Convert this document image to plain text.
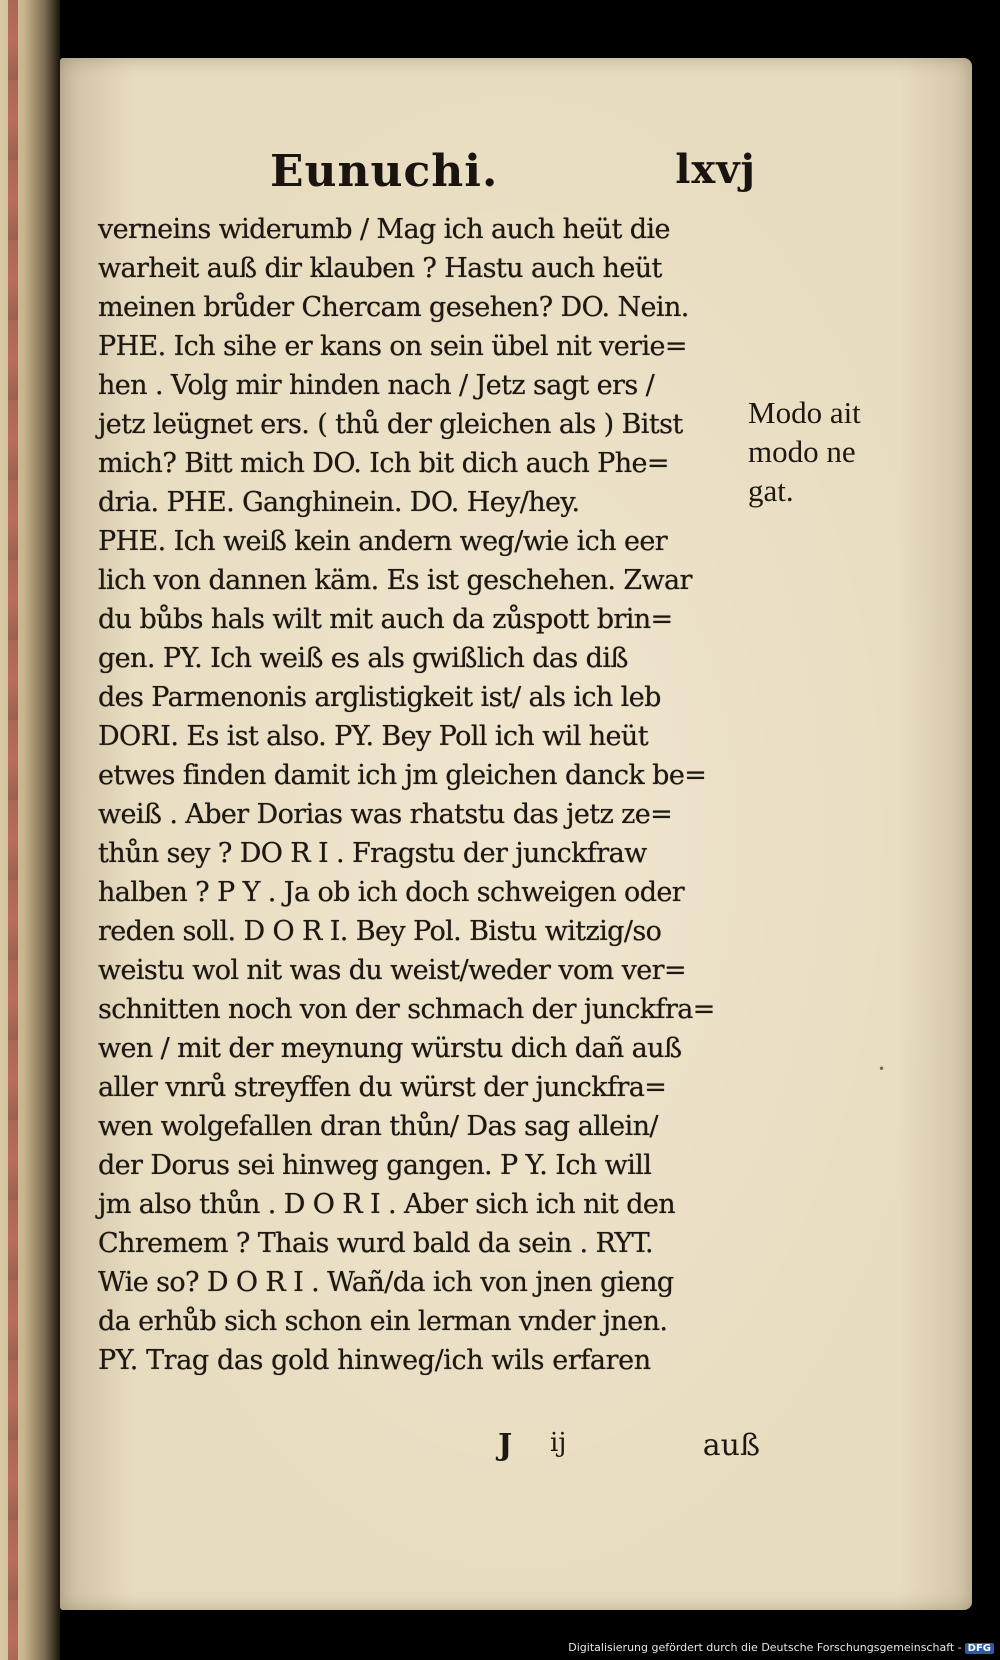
Eunuchi.	lxvj
verneins widerumb / Mag ich auch heüt die
warheit auß dir klauben ? Hastu auch heüt
meinen brůder Chercam gesehen? DO. Nein.
PHE. Ich sihe er kans on sein übel nit verie=
hen . Volg mir hinden nach / Jetz sagt ers /
jetz leügnet ers. ( thů der gleichen als ) Bitst
mich? Bitt mich DO. Ich bit dich auch Phe=
dria. PHE. Ganghinein. DO. Hey/hey.
PHE. Ich weiß kein andern weg/wie ich eer
lich von dannen käm. Es ist geschehen. Zwar
du bůbs hals wilt mit auch da zůspott brin=
gen. PY. Ich weiß es als gwißlich das diß
des Parmenonis arglistigkeit ist/ als ich leb
DORI. Es ist also. PY. Bey Poll ich wil heüt
etwes finden damit ich jm gleichen danck be=
weiß . Aber Dorias was rhatstu das jetz ze=
thůn sey ? DO R I . Fragstu der junckfraw
halben ? P Y . Ja ob ich doch schweigen oder
reden soll. D O R I. Bey Pol. Bistu witzig/so
weistu wol nit was du weist/weder vom ver=
schnitten noch von der schmach der junckfra=
wen / mit der meynung würstu dich dañ auß
aller vnrů streyffen du würst der junckfra=
wen wolgefallen dran thůn/ Das sag allein/
der Dorus sei hinweg gangen. P Y. Ich will
jm also thůn . D O R I . Aber sich ich nit den
Chremem ? Thais wurd bald da sein . RYT.
Wie so? D O R I . Wañ/da ich von jnen gieng
da erhůb sich schon ein lerman vnder jnen.
PY. Trag das gold hinweg/ich wils erfaren
Modo ait
modo ne
gat.
J ij	auß
•
Digitalisierung gefördert durch die Deutsche Forschungsgemeinschaft - DFG
